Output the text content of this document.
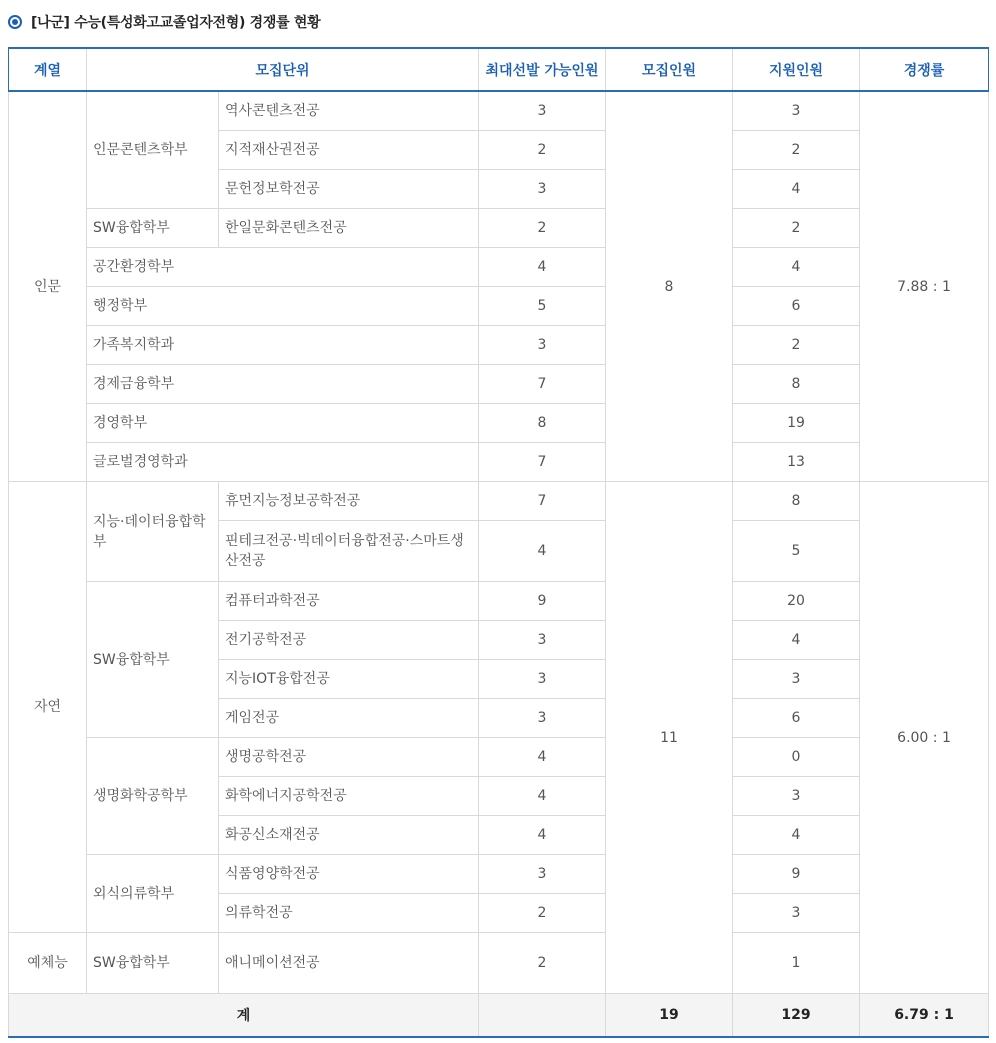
[나군] 수능(특성화고교졸업자전형) 경쟁률 현황
계열	모집단위		최대선발 가능인원	모집인원	지원인원	경쟁률
인문	인문콘텐츠학부	역사콘텐츠전공	3	8	3	7.88 : 1
		지적재산권전공	2		2	
		문헌정보학전공	3		4	
	SW융합학부	한일문화콘텐츠전공	2		2	
	공간환경학부		4		4	
	행정학부		5		6	
	가족복지학과		3		2	
	경제금융학부		7		8	
	경영학부		8		19	
	글로벌경영학과		7		13	
자연	지능·데이터융합학부	휴먼지능정보공학전공	7	11	8	6.00 : 1
		핀테크전공·빅데이터융합전공·스마트생산전공	4		5	
	SW융합학부	컴퓨터과학전공	9		20	
		전기공학전공	3		4	
		지능IOT융합전공	3		3	
		게임전공	3		6	
	생명화학공학부	생명공학전공	4		0	
		화학에너지공학전공	4		3	
		화공신소재전공	4		4	
	외식의류학부	식품영양학전공	3		9	
		의류학전공	2		3	
예체능	SW융합학부	애니메이션전공	2		1	
계				19	129	6.79 : 1
